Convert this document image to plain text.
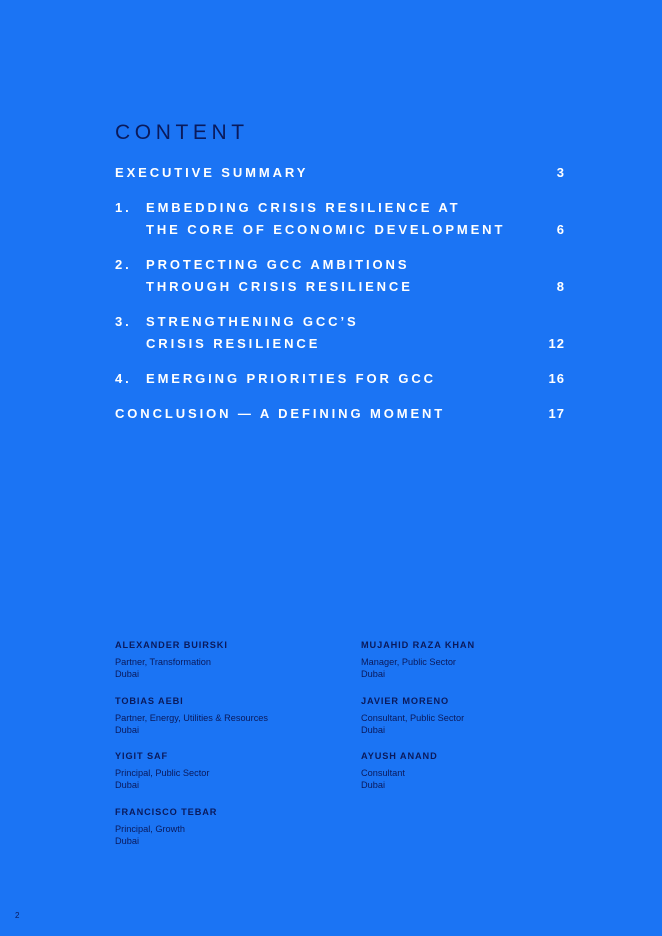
CONTENT
EXECUTIVE SUMMARY	3
1.	EMBEDDING CRISIS RESILIENCE AT
THE CORE OF ECONOMIC DEVELOPMENT	6
2.	PROTECTING GCC AMBITIONS
THROUGH CRISIS RESILIENCE	8
3.	STRENGTHENING GCC’S
CRISIS RESILIENCE	12
4.	EMERGING PRIORITIES FOR GCC	16
CONCLUSION — A DEFINING MOMENT	17
ALEXANDER BUIRSKI
Partner, Transformation
Dubai
MUJAHID RAZA KHAN
Manager, Public Sector
Dubai
TOBIAS AEBI
Partner, Energy, Utilities & Resources
Dubai
JAVIER MORENO
Consultant, Public Sector
Dubai
YIGIT SAF
Principal, Public Sector
Dubai
AYUSH ANAND
Consultant
Dubai
FRANCISCO TEBAR
Principal, Growth
Dubai
2
